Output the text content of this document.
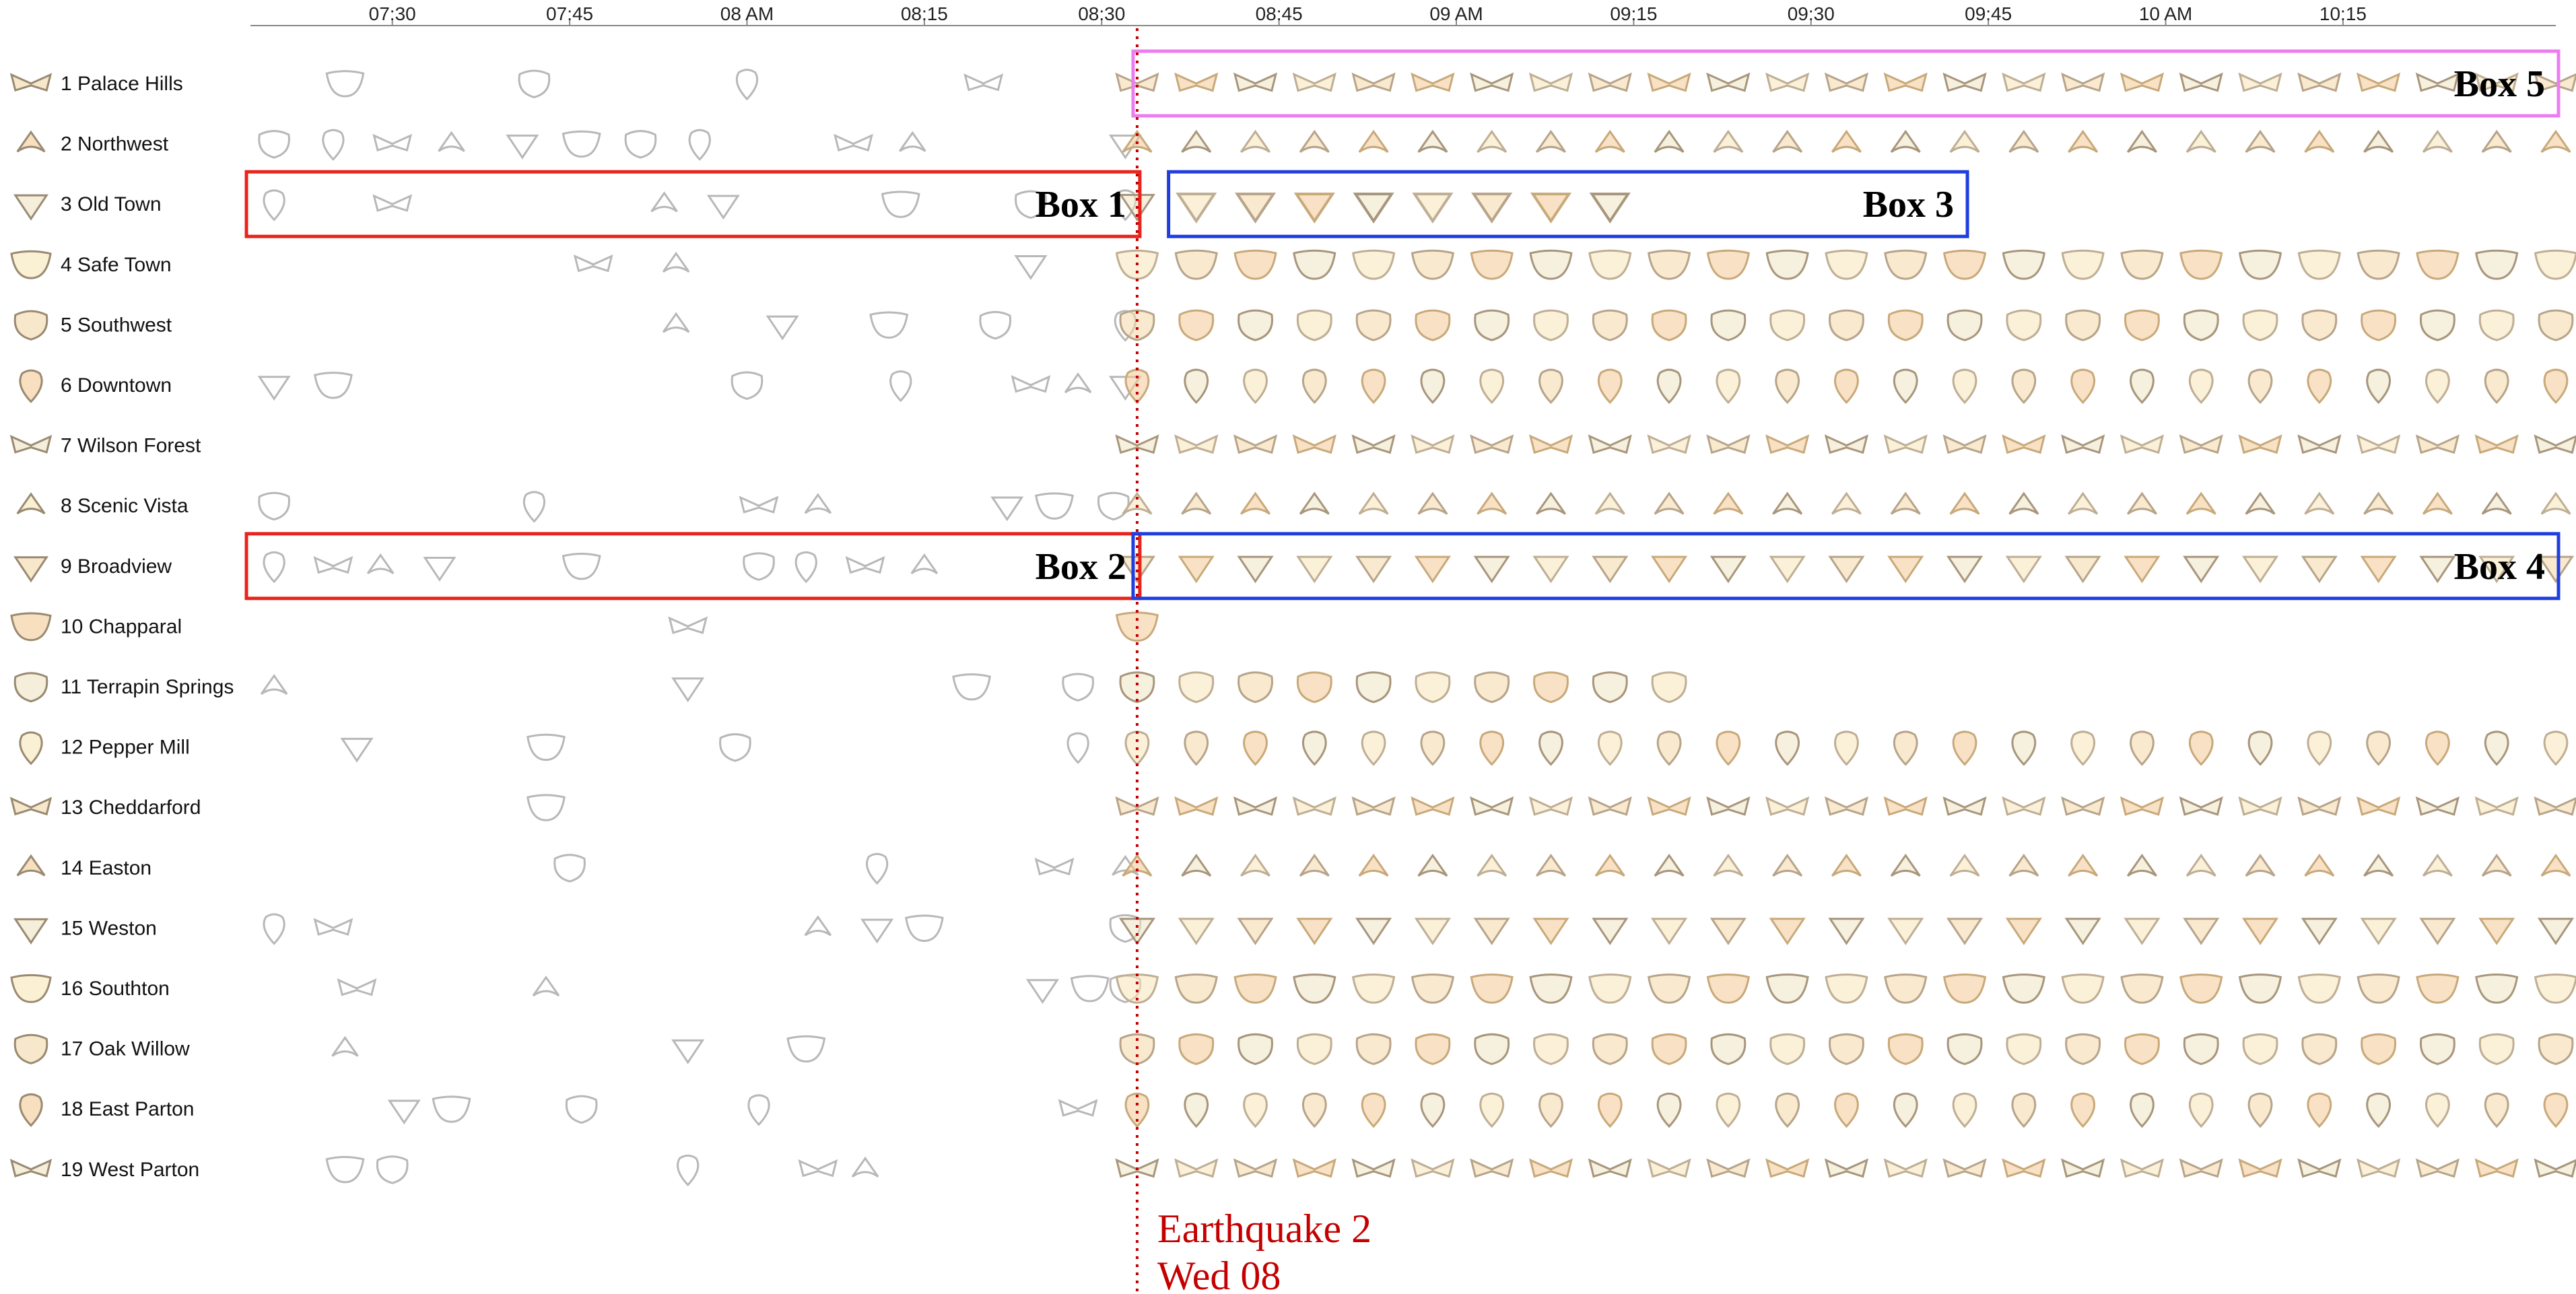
07:30	07:45	08 AM	08:15	08:30	08:45	09 AM	09:15	09:30	09:45	10 AM	10:15
1 Palace Hills
2 Northwest
3 Old Town
4 Safe Town
5 Southwest
6 Downtown
7 Wilson Forest
8 Scenic Vista
9 Broadview
10 Chapparal
11 Terrapin Springs
12 Pepper Mill
13 Cheddarford
14 Easton
15 Weston
16 Southton
17 Oak Willow
18 East Parton
19 West Parton
Box 1
Box 2
Box 3
Box 4
Box 5
Earthquake 2
Wed 08
